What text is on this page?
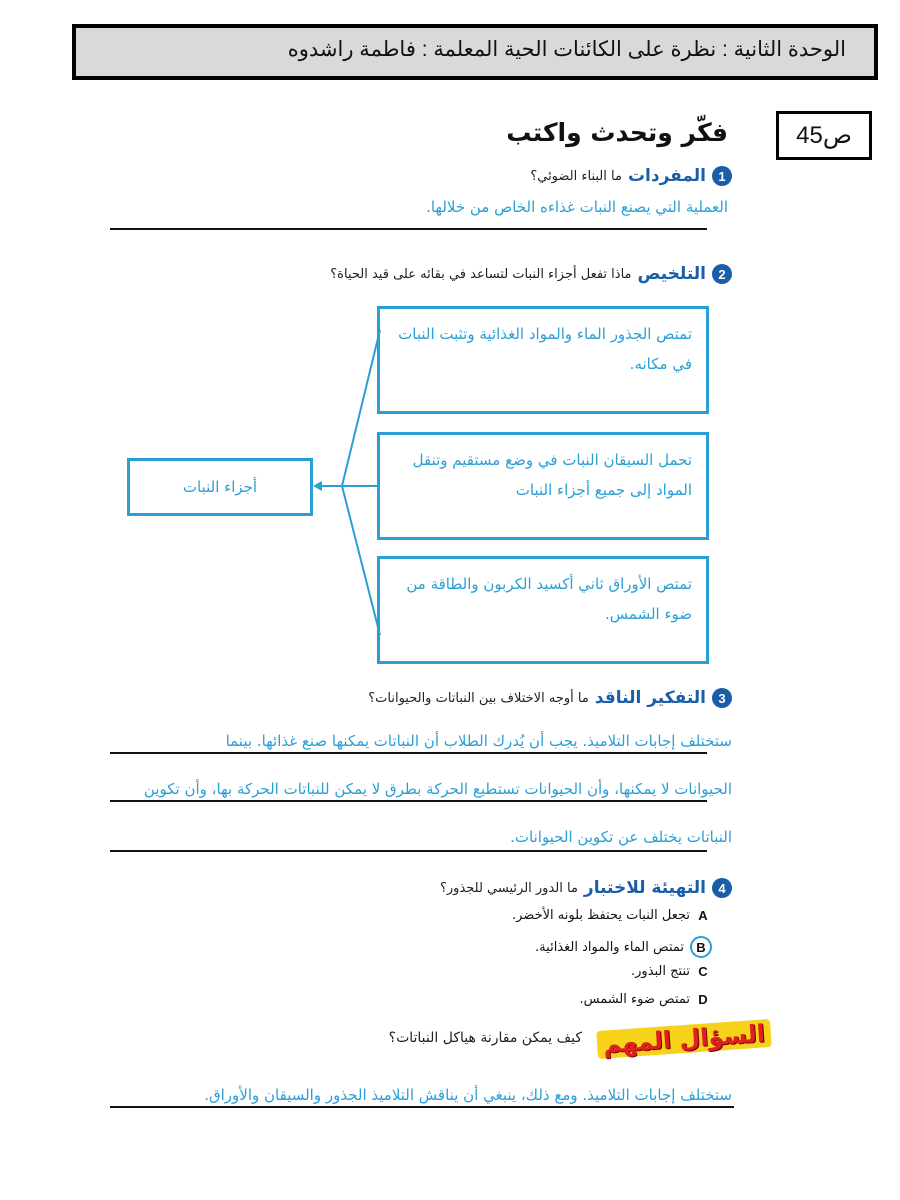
الوحدة الثانية : نظرة على الكائنات الحية المعلمة : فاطمة راشدوه
ص45
فكّر وتحدث واكتب
1
المفردات
ما البناء الضوئي؟
العملية التي يصنع النبات غذاءه الخاص من خلالها.
2
التلخيص
ماذا تفعل أجزاء النبات لتساعد في بقائه على قيد الحياة؟
تمتص الجذور الماء والمواد الغذائية وتثبت النبات
في مكانه.
تحمل السيقان النبات في وضع مستقيم وتنقل
المواد إلى جميع أجزاء النبات
تمتص الأوراق ثاني أكسيد الكربون والطاقة من
ضوء الشمس.
أجزاء النبات
3
التفكير الناقد
ما أوجه الاختلاف بين النباتات والحيوانات؟
ستختلف إجابات التلاميذ. يجب أن يُدرك الطلاب أن النباتات يمكنها صنع غذائها. بينما
الحيوانات لا يمكنها، وأن الحيوانات تستطيع الحركة بطرق لا يمكن للنباتات الحركة بها، وأن تكوين
النباتات يختلف عن تكوين الحيوانات.
4
التهيئة للاختبار
ما الدور الرئيسي للجذور؟
A
تجعل النبات يحتفظ بلونه الأخضر.
B
تمتص الماء والمواد الغذائية.
C
تنتج البذور.
D
تمتص ضوء الشمس.
السؤال المهم
كيف يمكن مقارنة هياكل النباتات؟
ستختلف إجابات التلاميذ. ومع ذلك، ينبغي أن يناقش التلاميذ الجذور والسيقان والأوراق.
